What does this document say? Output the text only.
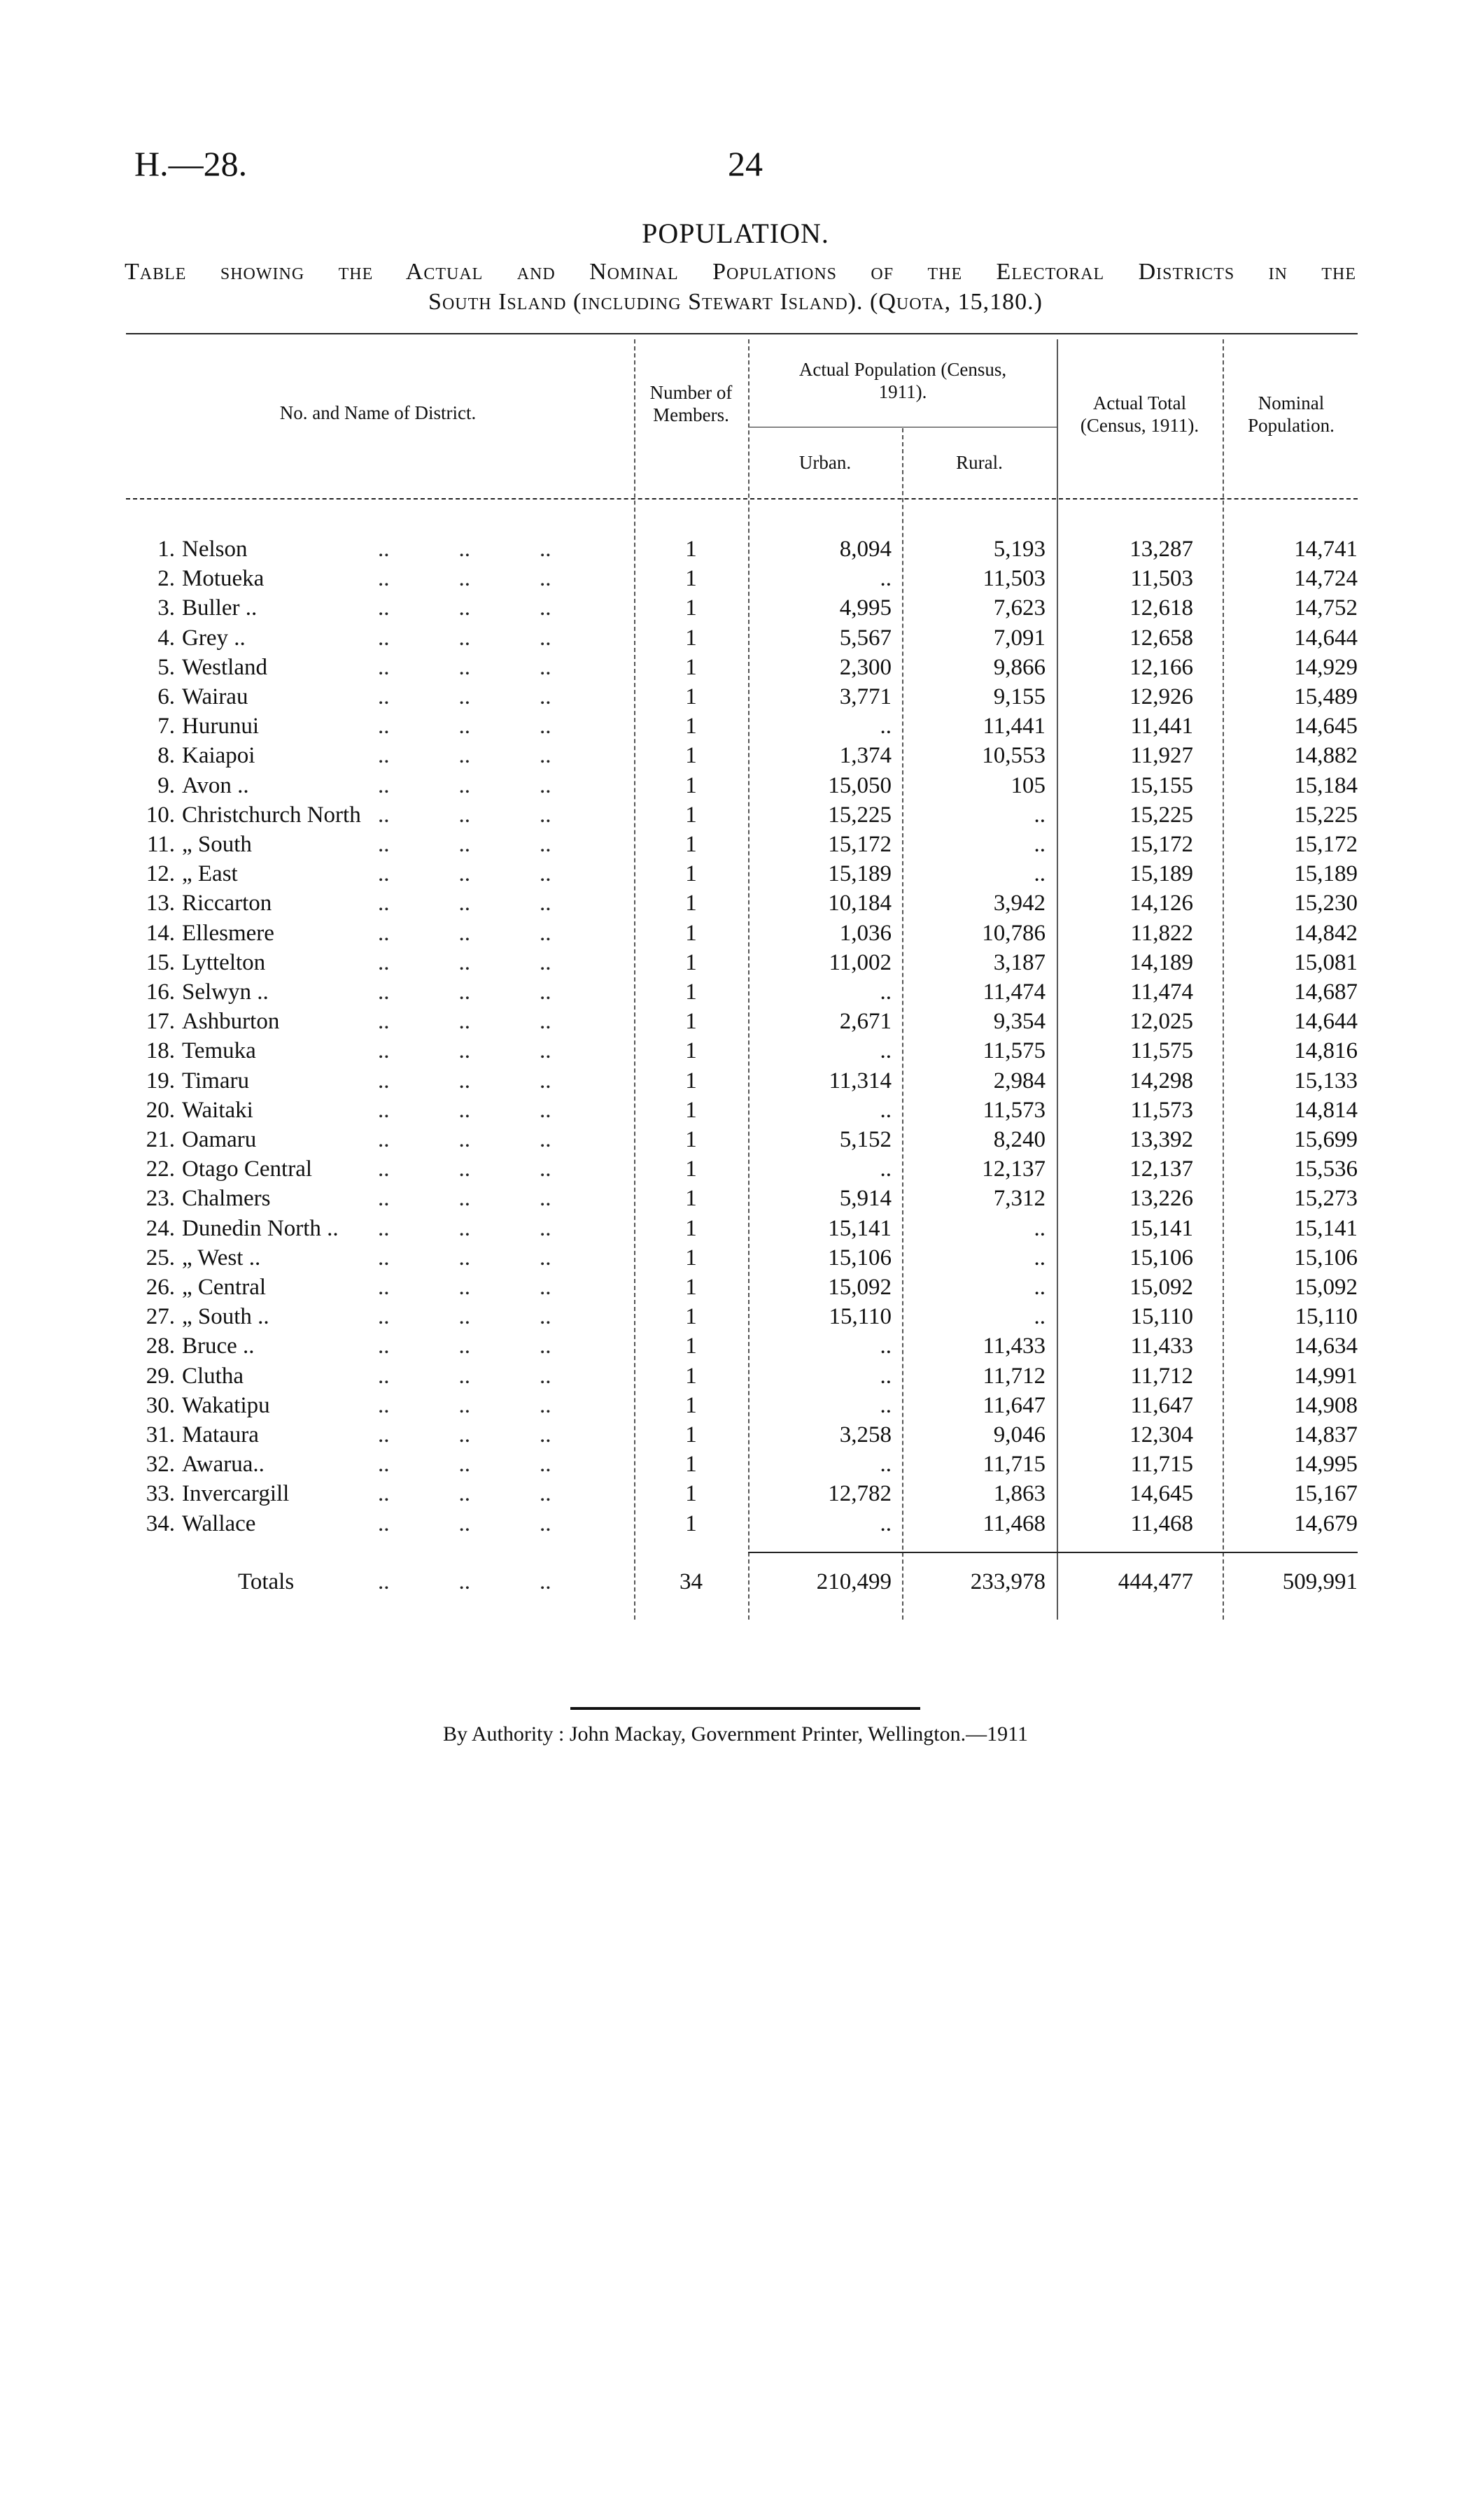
H.—28.	24
POPULATION.
Table showing the Actual and Nominal Populations of the Electoral Districts in the
South Island (including Stewart Island). (Quota, 15,180.)
No. and Name of District.
Number of Members.
Actual Population (Census, 1911).
Urban.	Rural.
Actual Total (Census, 1911).
Nominal Population.
1. Nelson	..            ..            ..	1	8,094	5,193	13,287	14,741
2. Motueka	..            ..            ..	1	..	11,503	11,503	14,724
3. Buller ..	..            ..            ..	1	4,995	7,623	12,618	14,752
4. Grey ..	..            ..            ..	1	5,567	7,091	12,658	14,644
5. Westland	..            ..            ..	1	2,300	9,866	12,166	14,929
6. Wairau	..            ..            ..	1	3,771	9,155	12,926	15,489
7. Hurunui	..            ..            ..	1	..	11,441	11,441	14,645
8. Kaiapoi	..            ..            ..	1	1,374	10,553	11,927	14,882
9. Avon ..	..            ..            ..	1	15,050	105	15,155	15,184
10. Christchurch North ..            ..            ..	1	15,225	..	15,225	15,225
11. „ South	..            ..            ..	1	15,172	..	15,172	15,172
12. „ East	..            ..            ..	1	15,189	..	15,189	15,189
13. Riccarton	..            ..            ..	1	10,184	3,942	14,126	15,230
14. Ellesmere	..            ..            ..	1	1,036	10,786	11,822	14,842
15. Lyttelton	..            ..            ..	1	11,002	3,187	14,189	15,081
16. Selwyn ..	..            ..            ..	1	..	11,474	11,474	14,687
17. Ashburton	..            ..            ..	1	2,671	9,354	12,025	14,644
18. Temuka	..            ..            ..	1	..	11,575	11,575	14,816
19. Timaru	..            ..            ..	1	11,314	2,984	14,298	15,133
20. Waitaki	..            ..            ..	1	..	11,573	11,573	14,814
21. Oamaru	..            ..            ..	1	5,152	8,240	13,392	15,699
22. Otago Central	..            ..            ..	1	..	12,137	12,137	15,536
23. Chalmers	..            ..            ..	1	5,914	7,312	13,226	15,273
24. Dunedin North ..	..            ..            ..	1	15,141	..	15,141	15,141
25. „ West ..	..            ..            ..	1	15,106	..	15,106	15,106
26. „ Central	..            ..            ..	1	15,092	..	15,092	15,092
27. „ South ..	..            ..            ..	1	15,110	..	15,110	15,110
28. Bruce ..	..            ..            ..	1	..	11,433	11,433	14,634
29. Clutha	..            ..            ..	1	..	11,712	11,712	14,991
30. Wakatipu	..            ..            ..	1	..	11,647	11,647	14,908
31. Mataura	..            ..            ..	1	3,258	9,046	12,304	14,837
32. Awarua..	..            ..            ..	1	..	11,715	11,715	14,995
33. Invercargill	..            ..            ..	1	12,782	1,863	14,645	15,167
34. Wallace	..            ..            ..	1	..	11,468	11,468	14,679
Totals	..            ..            ..	34	210,499	233,978	444,477	509,991
By Authority : John Mackay, Government Printer, Wellington.—1911
